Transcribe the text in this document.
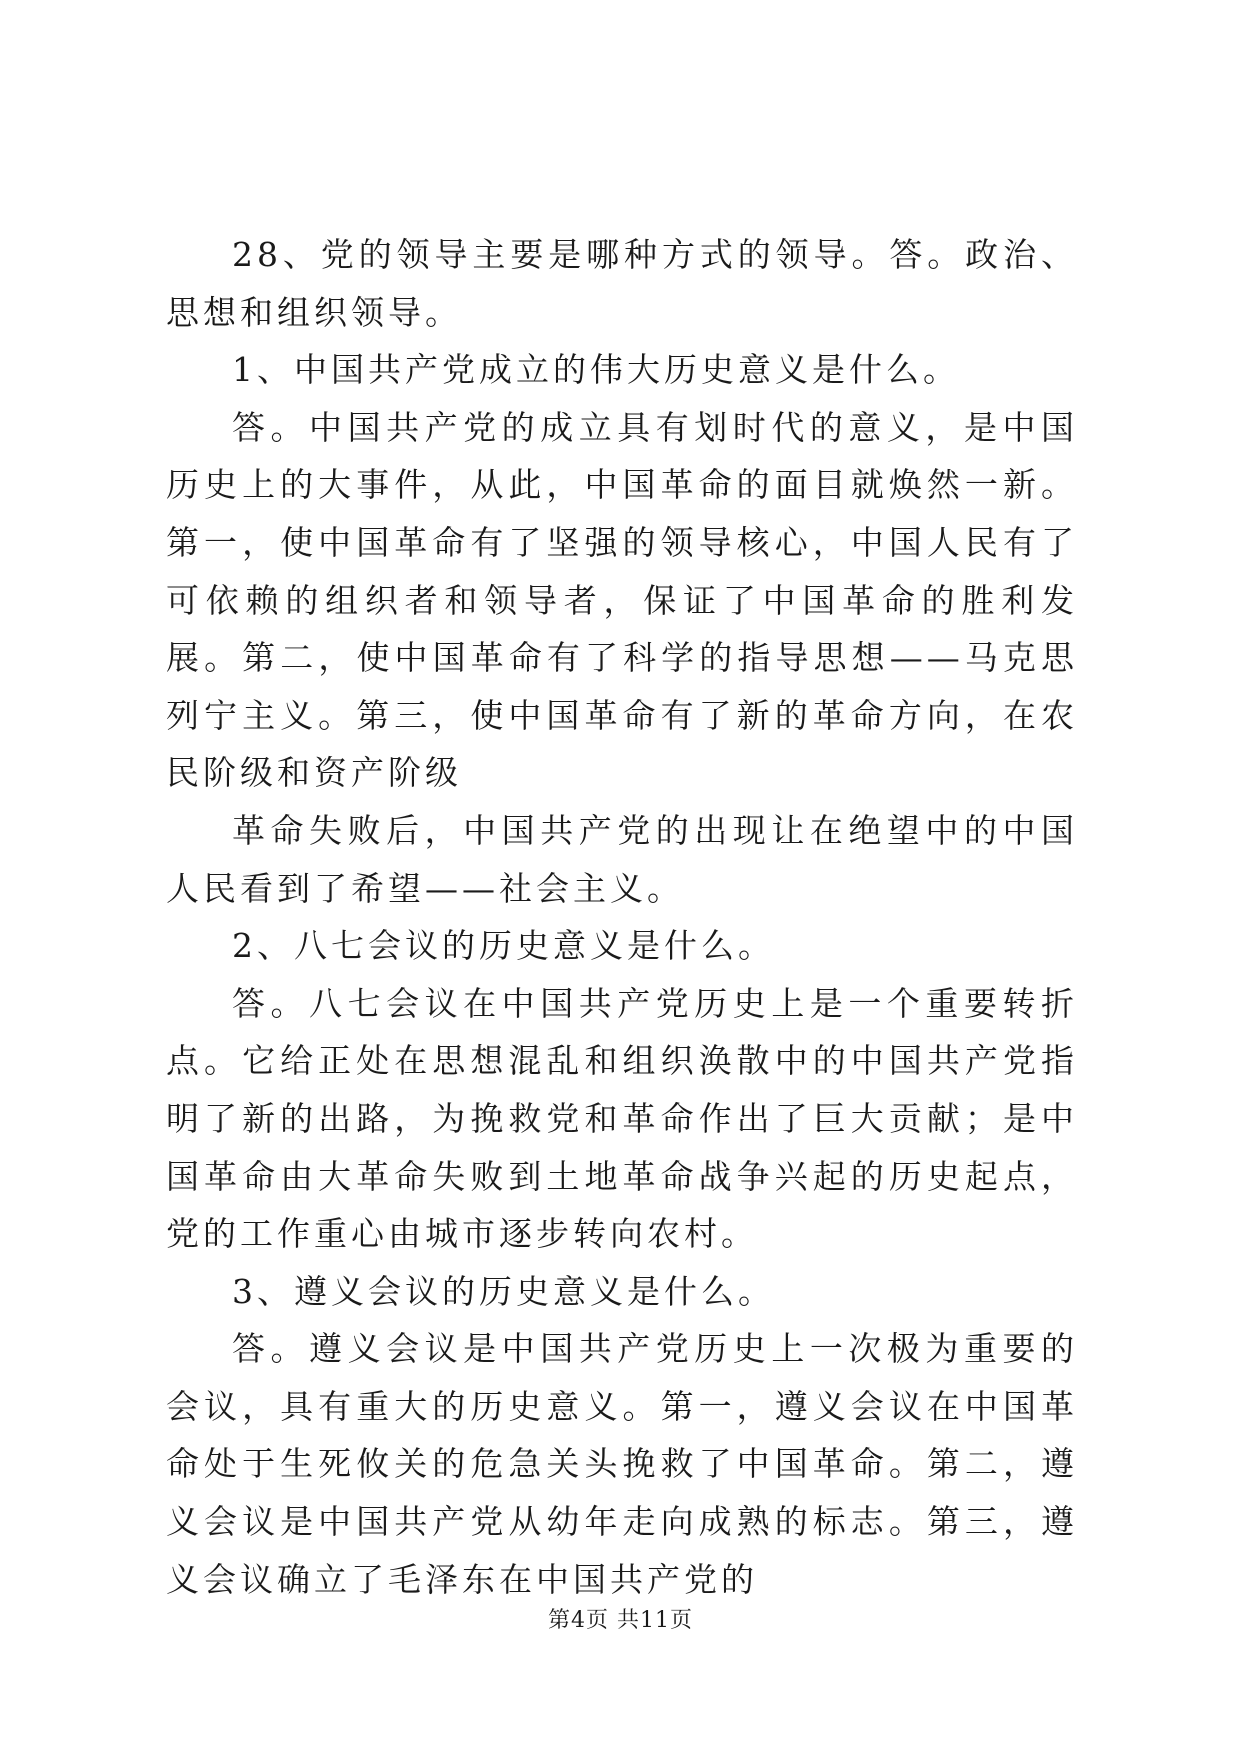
28、党的领导主要是哪种方式的领导。答。政治、思想和组织领导。

1、中国共产党成立的伟大历史意义是什么。

答。中国共产党的成立具有划时代的意义，是中国历史上的大事件，从此，中国革命的面目就焕然一新。第一，使中国革命有了坚强的领导核心，中国人民有了可依赖的组织者和领导者，保证了中国革命的胜利发展。第二，使中国革命有了科学的指导思想——马克思列宁主义。第三，使中国革命有了新的革命方向，在农民阶级和资产阶级

革命失败后，中国共产党的出现让在绝望中的中国人民看到了希望——社会主义。

2、八七会议的历史意义是什么。

答。八七会议在中国共产党历史上是一个重要转折点。它给正处在思想混乱和组织涣散中的中国共产党指明了新的出路，为挽救党和革命作出了巨大贡献；是中国革命由大革命失败到土地革命战争兴起的历史起点，党的工作重心由城市逐步转向农村。

3、遵义会议的历史意义是什么。

答。遵义会议是中国共产党历史上一次极为重要的会议，具有重大的历史意义。第一，遵义会议在中国革命处于生死攸关的危急关头挽救了中国革命。第二，遵义会议是中国共产党从幼年走向成熟的标志。第三，遵义会议确立了毛泽东在中国共产党的

第4页 共11页
